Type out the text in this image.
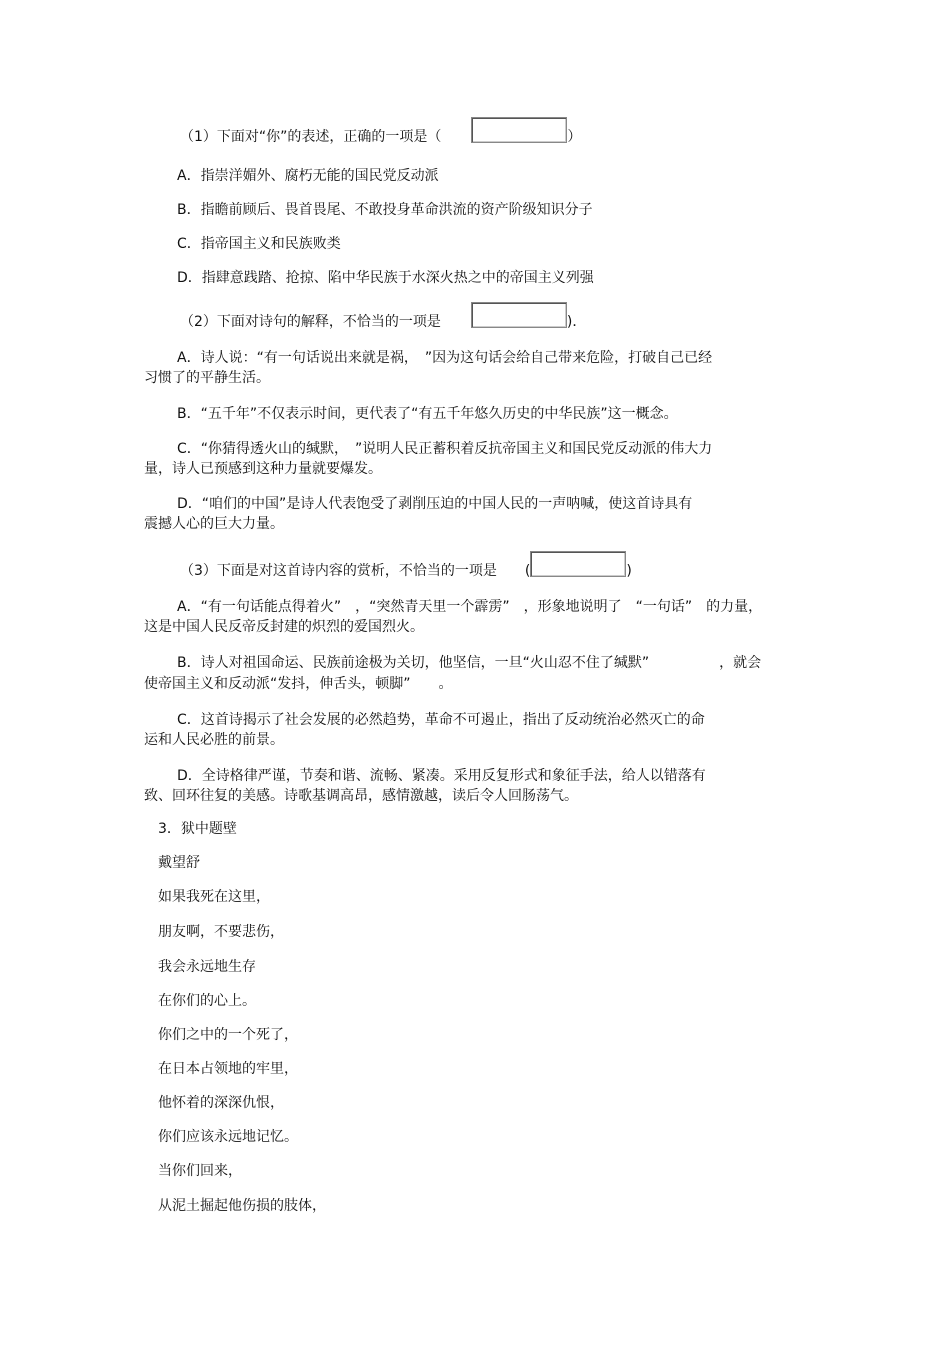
（1）下面对“你”的表述，正确的一项是（	）
A．指崇洋媚外、腐朽无能的国民党反动派
B．指瞻前顾后、畏首畏尾、不敢投身革命洪流的资产阶级知识分子
C．指帝国主义和民族败类
D．指肆意践踏、抢掠、陷中华民族于水深火热之中的帝国主义列强
（2）下面对诗句的解释，不恰当的一项是	)．
A．诗人说：“有一句话说出来就是祸，　”因为这句话会给自己带来危险，打破自己已经
习惯了的平静生活。
B．“五千年”不仅表示时间，更代表了“有五千年悠久历史的中华民族”这一概念。
C．“你猜得透火山的缄默，　”说明人民正蓄积着反抗帝国主义和国民党反动派的伟大力
量，诗人已预感到这种力量就要爆发。
D．“咱们的中国”是诗人代表饱受了剥削压迫的中国人民的一声呐喊，使这首诗具有
震撼人心的巨大力量。
（3）下面是对这首诗内容的赏析，不恰当的一项是　　(	)
A．“有一句话能点得着火”　，“突然青天里一个霹雳”　，形象地说明了　“一句话”　的力量，
这是中国人民反帝反封建的炽烈的爱国烈火。
B．诗人对祖国命运、民族前途极为关切，他坚信，一旦“火山忍不住了缄默”　　　　　，就会
使帝国主义和反动派“发抖，伸舌头，顿脚”　　。
C．这首诗揭示了社会发展的必然趋势，革命不可遏止，指出了反动统治必然灭亡的命
运和人民必胜的前景。
D．全诗格律严谨，节奏和谐、流畅、紧凑。采用反复形式和象征手法，给人以错落有
致、回环往复的美感。诗歌基调高昂，感情激越，读后令人回肠荡气。
3．狱中题壁
戴望舒
如果我死在这里，
朋友啊，不要悲伤，
我会永远地生存
在你们的心上。
你们之中的一个死了，
在日本占领地的牢里，
他怀着的深深仇恨，
你们应该永远地记忆。
当你们回来，
从泥土掘起他伤损的肢体，
